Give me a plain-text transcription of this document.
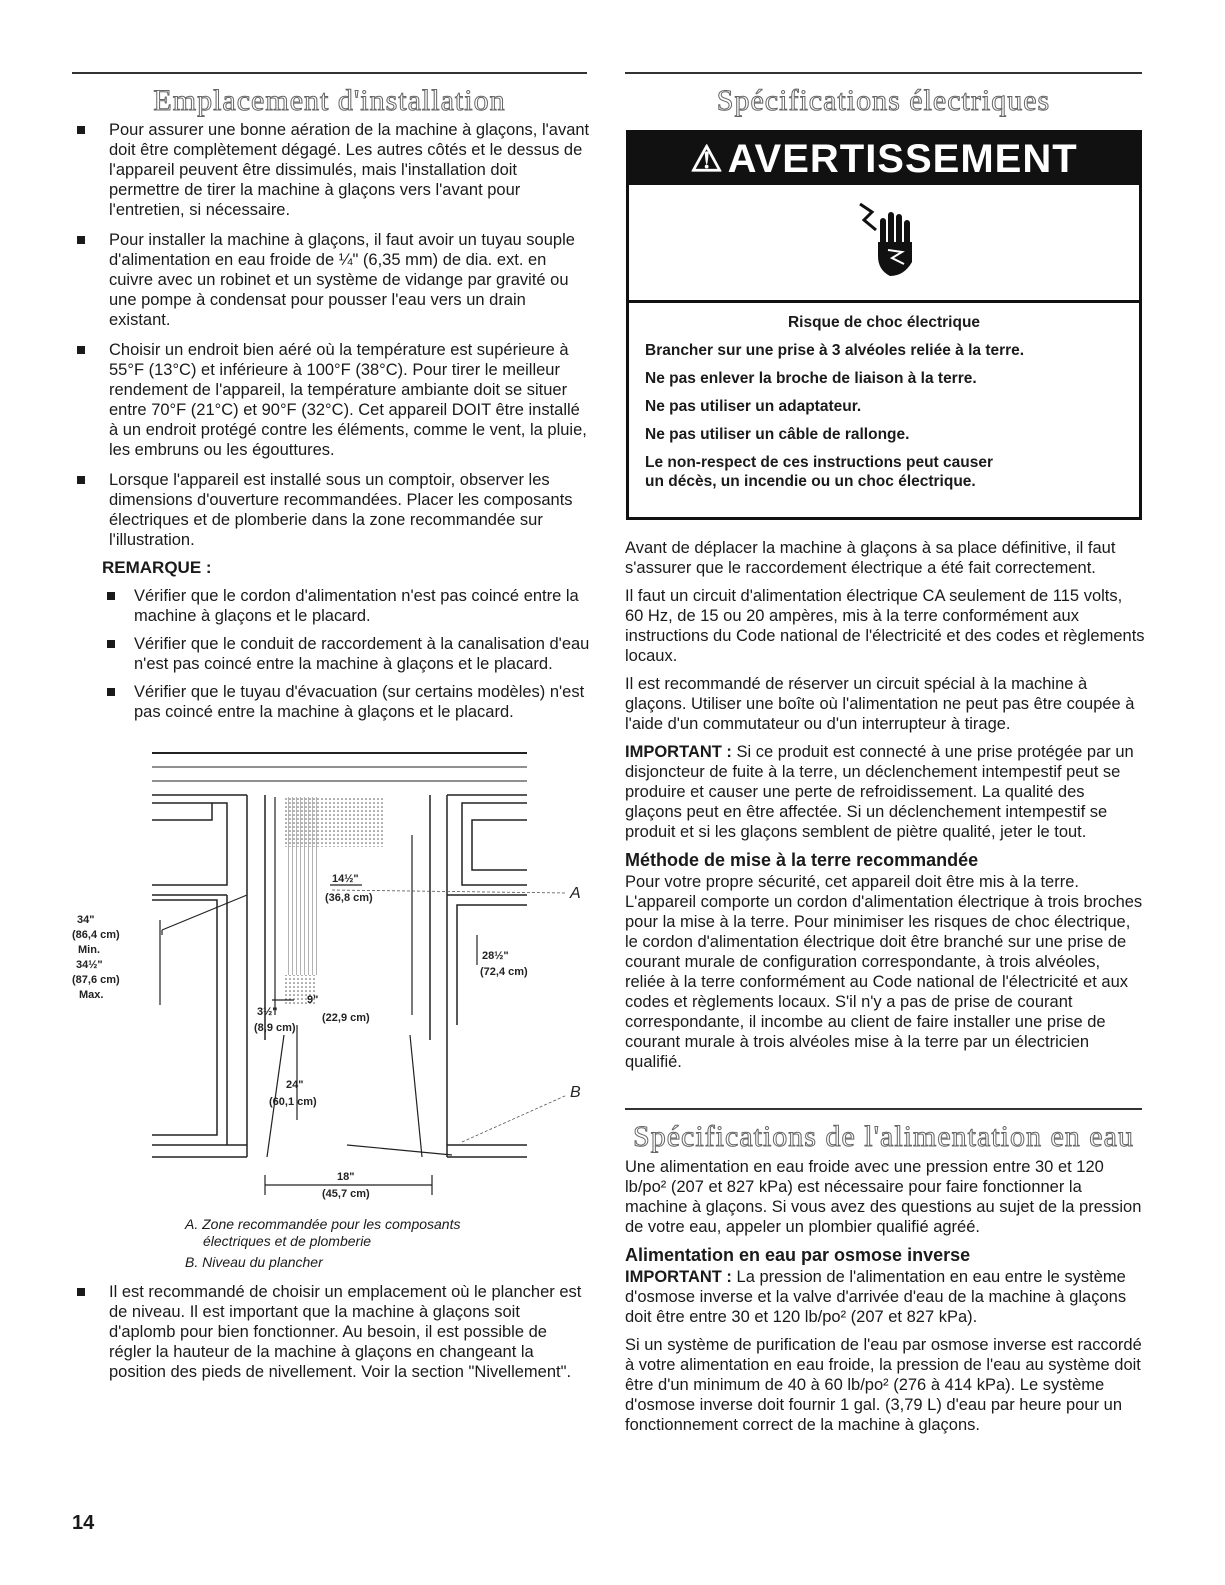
Emplacement d'installation
Pour assurer une bonne aération de la machine à glaçons, l'avant doit être complètement dégagé. Les autres côtés et le dessus de l'appareil peuvent être dissimulés, mais l'installation doit permettre de tirer la machine à glaçons vers l'avant pour l'entretien, si nécessaire.
Pour installer la machine à glaçons, il faut avoir un tuyau souple d'alimentation en eau froide de ¼" (6,35 mm) de dia. ext. en cuivre avec un robinet et un système de vidange par gravité ou une pompe à condensat pour pousser l'eau vers un drain existant.
Choisir un endroit bien aéré où la température est supérieure à 55°F (13°C) et inférieure à 100°F (38°C). Pour tirer le meilleur rendement de l'appareil, la température ambiante doit se situer entre 70°F (21°C) et 90°F (32°C). Cet appareil DOIT être installé à un endroit protégé contre les éléments, comme le vent, la pluie, les embruns ou les égouttures.
Lorsque l'appareil est installé sous un comptoir, observer les dimensions d'ouverture recommandées. Placer les composants électriques et de plomberie dans la zone recommandée sur l'illustration.
REMARQUE :
Vérifier que le cordon d'alimentation n'est pas coincé entre la machine à glaçons et le placard.
Vérifier que le conduit de raccordement à la canalisation d'eau n'est pas coincé entre la machine à glaçons et le placard.
Vérifier que le tuyau d'évacuation (sur certains modèles) n'est pas coincé entre la machine à glaçons et le placard.
34"
(86,4 cm)
Min.
34½"
(87,6 cm)
Max.
14½"
(36,8 cm)
28½"
(72,4 cm)
3½"
(8,9 cm)
9"
(22,9 cm)
24"
(60,1 cm)
18"
(45,7 cm)
A
B
A. Zone recommandée pour les composants
électriques et de plomberie
B. Niveau du plancher
Il est recommandé de choisir un emplacement où le plancher est de niveau. Il est important que la machine à glaçons soit d'aplomb pour bien fonctionner. Au besoin, il est possible de régler la hauteur de la machine à glaçons en changeant la position des pieds de nivellement. Voir la section "Nivellement".
Spécifications électriques
⚠ AVERTISSEMENT
Risque de choc électrique
Brancher sur une prise à 3 alvéoles reliée à la terre.
Ne pas enlever la broche de liaison à la terre.
Ne pas utiliser un adaptateur.
Ne pas utiliser un câble de rallonge.
Le non-respect de ces instructions peut causer
un décès, un incendie ou un choc électrique.

Avant de déplacer la machine à glaçons à sa place définitive, il faut s'assurer que le raccordement électrique a été fait correctement.

Il faut un circuit d'alimentation électrique CA seulement de 115 volts, 60 Hz, de 15 ou 20 ampères, mis à la terre conformément aux instructions du Code national de l'électricité et des codes et règlements locaux.

Il est recommandé de réserver un circuit spécial à la machine à glaçons. Utiliser une boîte où l'alimentation ne peut pas être coupée à l'aide d'un commutateur ou d'un interrupteur à tirage.

IMPORTANT : Si ce produit est connecté à une prise protégée par un disjoncteur de fuite à la terre, un déclenchement intempestif peut se produire et causer une perte de refroidissement. La qualité des glaçons peut en être affectée. Si un déclenchement intempestif se produit et si les glaçons semblent de piètre qualité, jeter le tout.

Méthode de mise à la terre recommandée

Pour votre propre sécurité, cet appareil doit être mis à la terre. L'appareil comporte un cordon d'alimentation électrique à trois broches pour la mise à la terre. Pour minimiser les risques de choc électrique, le cordon d'alimentation électrique doit être branché sur une prise de courant murale de configuration correspondante, à trois alvéoles, reliée à la terre conformément au Code national de l'électricité et aux codes et règlements locaux. S'il n'y a pas de prise de courant correspondante, il incombe au client de faire installer une prise de courant murale à trois alvéoles mise à la terre par un électricien qualifié.

Spécifications de l'alimentation en eau

Une alimentation en eau froide avec une pression entre 30 et 120 lb/po² (207 et 827 kPa) est nécessaire pour faire fonctionner la machine à glaçons. Si vous avez des questions au sujet de la pression de votre eau, appeler un plombier qualifié agréé.

Alimentation en eau par osmose inverse

IMPORTANT : La pression de l'alimentation en eau entre le système d'osmose inverse et la valve d'arrivée d'eau de la machine à glaçons doit être entre 30 et 120 lb/po² (207 et 827 kPa).

Si un système de purification de l'eau par osmose inverse est raccordé à votre alimentation en eau froide, la pression de l'eau au système doit être d'un minimum de 40 à 60 lb/po² (276 à 414 kPa). Le système d'osmose inverse doit fournir 1 gal. (3,79 L) d'eau par heure pour un fonctionnement correct de la machine à glaçons.

14
